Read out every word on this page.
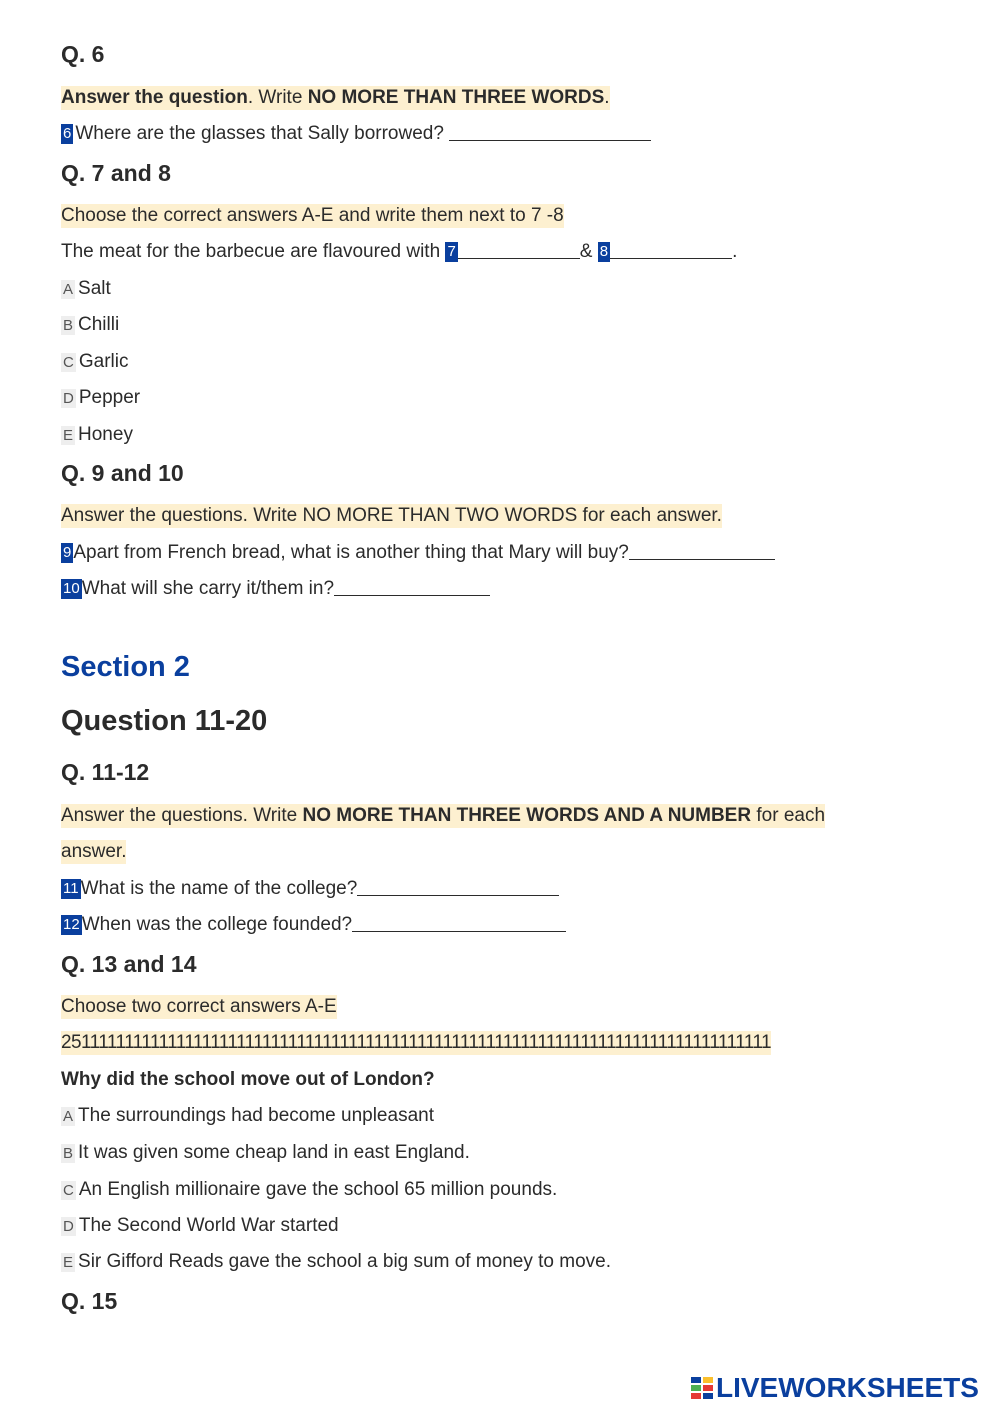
Q. 6
Answer the question. Write NO MORE THAN THREE WORDS.
6 Where are the glasses that Sally borrowed?
Q. 7 and 8
Choose the correct answers A-E and write them next to 7 -8
The meat for the barbecue are flavoured with 7	& 8	.
A Salt
B Chilli
C Garlic
D Pepper
E Honey
Q. 9 and 10
Answer the questions. Write NO MORE THAN TWO WORDS for each answer.
9 Apart from French bread, what is another thing that Mary will buy?
10 What will she carry it/them in?
Section 2
Question 11-20
Q. 11-12
Answer the questions. Write NO MORE THAN THREE WORDS AND A NUMBER for each
answer.
11 What is the name of the college?
12 When was the college founded?
Q. 13 and 14
Choose two correct answers A-E
2511111111111111111111111111111111111111111111111111111111111111111111111111111111
Why did the school move out of London?
A The surroundings had become unpleasant
B It was given some cheap land in east England.
C An English millionaire gave the school 65 million pounds.
D The Second World War started
E Sir Gifford Reads gave the school a big sum of money to move.
Q. 15
LIVEWORKSHEETS
